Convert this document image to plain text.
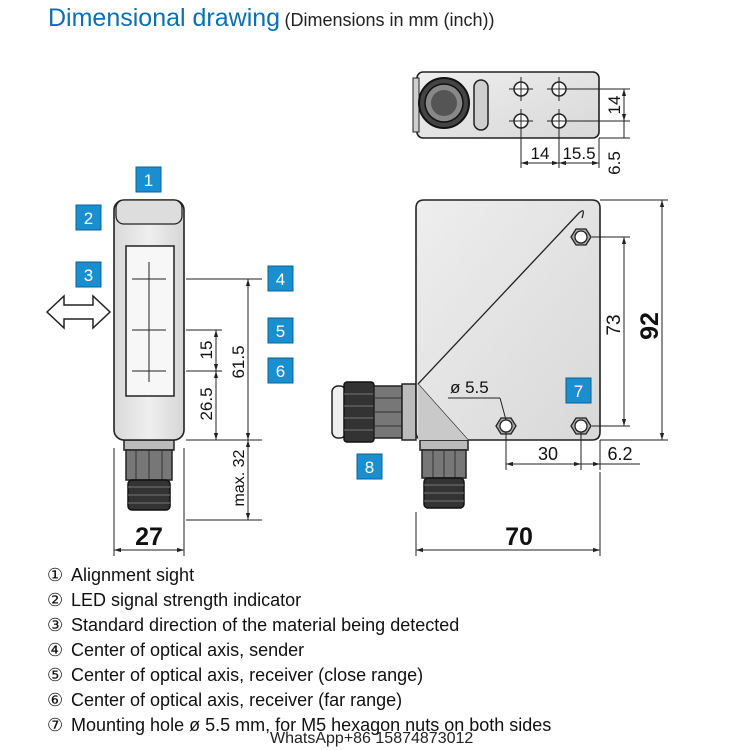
Dimensional drawing (Dimensions in mm (inch))
14
14 15.5 6.5
15
26.5
61.5
max. 32
27
73 92
ø 5.5
30	6.2
70
1
2
3	4
5
6
7
8
① Alignment sight
② LED signal strength indicator
③ Standard direction of the material being detected
④ Center of optical axis, sender
⑤ Center of optical axis, receiver (close range)
⑥ Center of optical axis, receiver (far range)
⑦ Mounting hole ø 5.5 mm, for M5 hexagon nuts on both sides
WhatsApp+86 15874873012
